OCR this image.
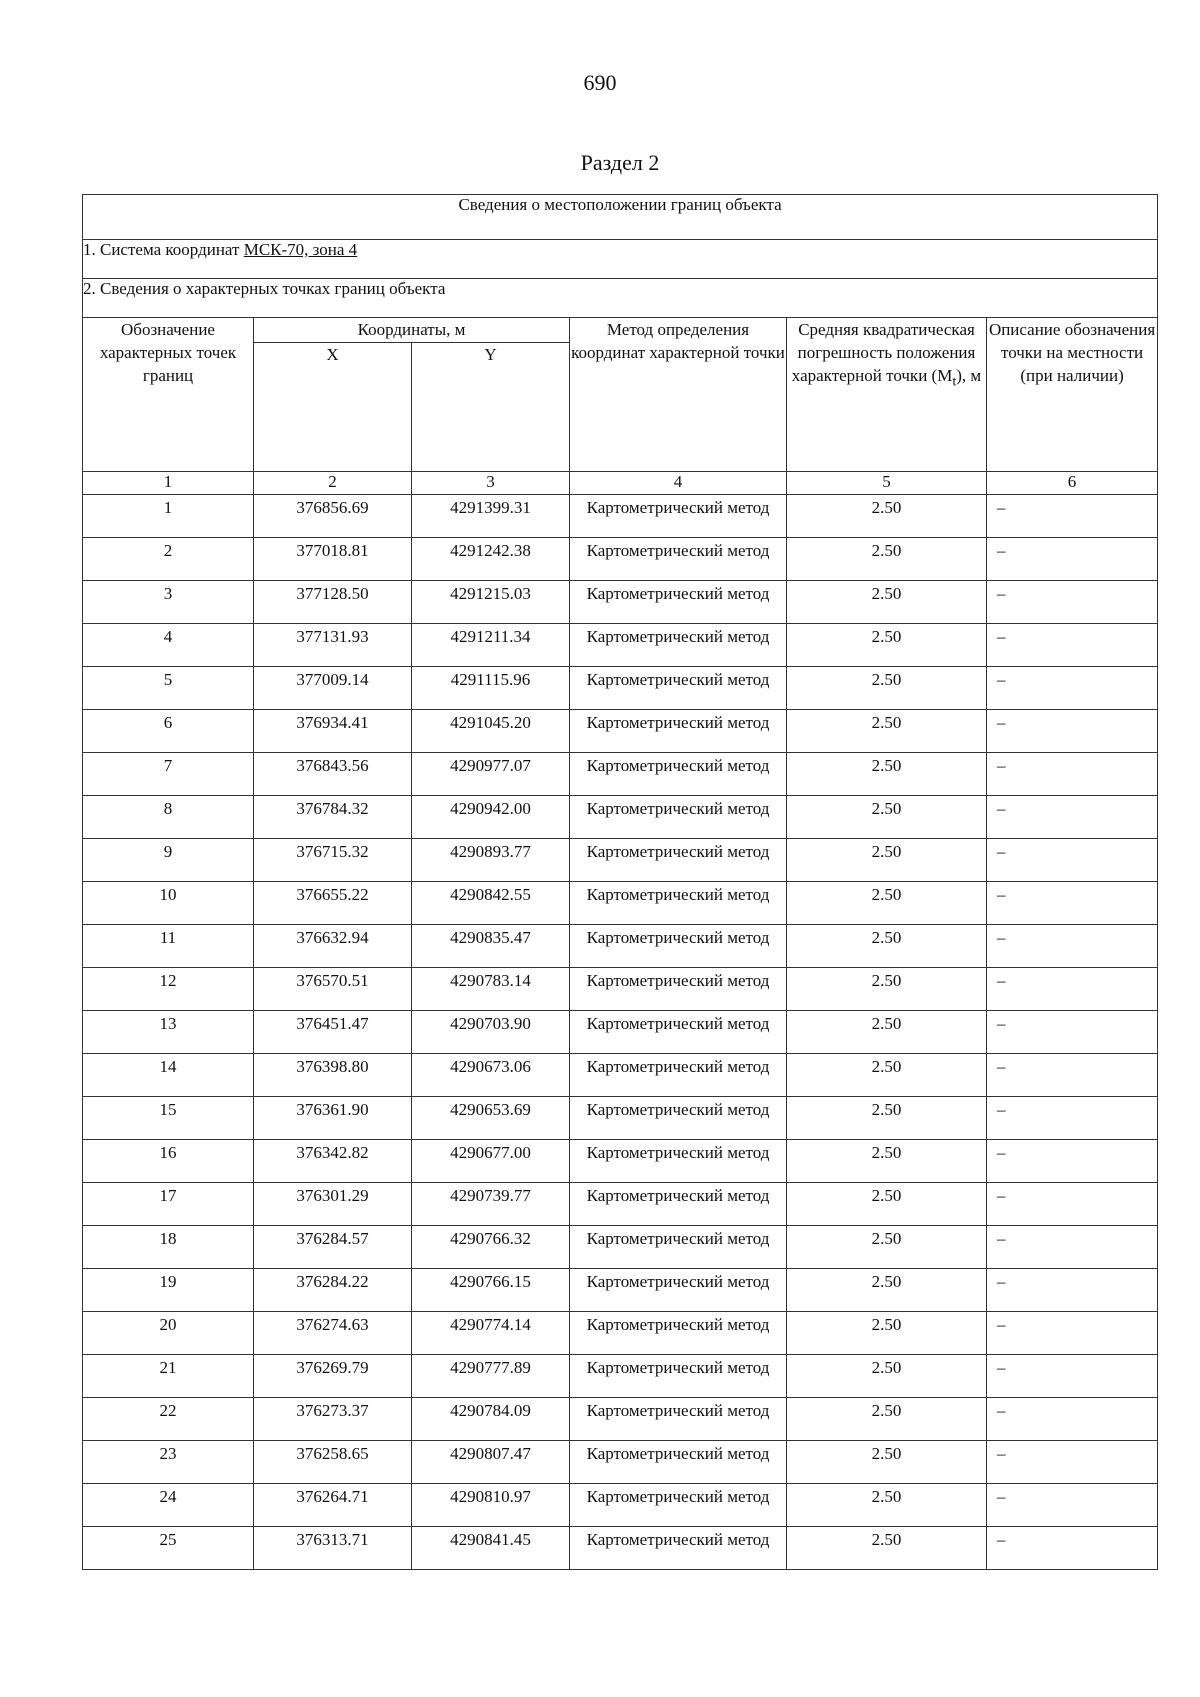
690
Раздел 2
Сведения о местоположении границ объекта					
1. Система координат МСК-70, зона 4					
2. Сведения о характерных точках границ объекта					
Обозначение характерных точек границ	Координаты, м		Метод определения координат характерной точки	Средняя квадратическая погрешность положения характерной точки $(M_t)$, м	Описание обозначения точки на местности (при наличии)
	X	Y			
1	2	3	4	5	6

1	376856.69	4291399.31	Картометрический метод	2.50	–

2	377018.81	4291242.38	Картометрический метод	2.50	–

3	377128.50	4291215.03	Картометрический метод	2.50	–

4	377131.93	4291211.34	Картометрический метод	2.50	–

5	377009.14	4291115.96	Картометрический метод	2.50	–

6	376934.41	4291045.20	Картометрический метод	2.50	–

7	376843.56	4290977.07	Картометрический метод	2.50	–

8	376784.32	4290942.00	Картометрический метод	2.50	–

9	376715.32	4290893.77	Картометрический метод	2.50	–

10	376655.22	4290842.55	Картометрический метод	2.50	–

11	376632.94	4290835.47	Картометрический метод	2.50	–

12	376570.51	4290783.14	Картометрический метод	2.50	–

13	376451.47	4290703.90	Картометрический метод	2.50	–

14	376398.80	4290673.06	Картометрический метод	2.50	–

15	376361.90	4290653.69	Картометрический метод	2.50	–

16	376342.82	4290677.00	Картометрический метод	2.50	–

17	376301.29	4290739.77	Картометрический метод	2.50	–

18	376284.57	4290766.32	Картометрический метод	2.50	–

19	376284.22	4290766.15	Картометрический метод	2.50	–

20	376274.63	4290774.14	Картометрический метод	2.50	–

21	376269.79	4290777.89	Картометрический метод	2.50	–

22	376273.37	4290784.09	Картометрический метод	2.50	–

23	376258.65	4290807.47	Картометрический метод	2.50	–

24	376264.71	4290810.97	Картометрический метод	2.50	–

25	376313.71	4290841.45	Картометрический метод	2.50	–
